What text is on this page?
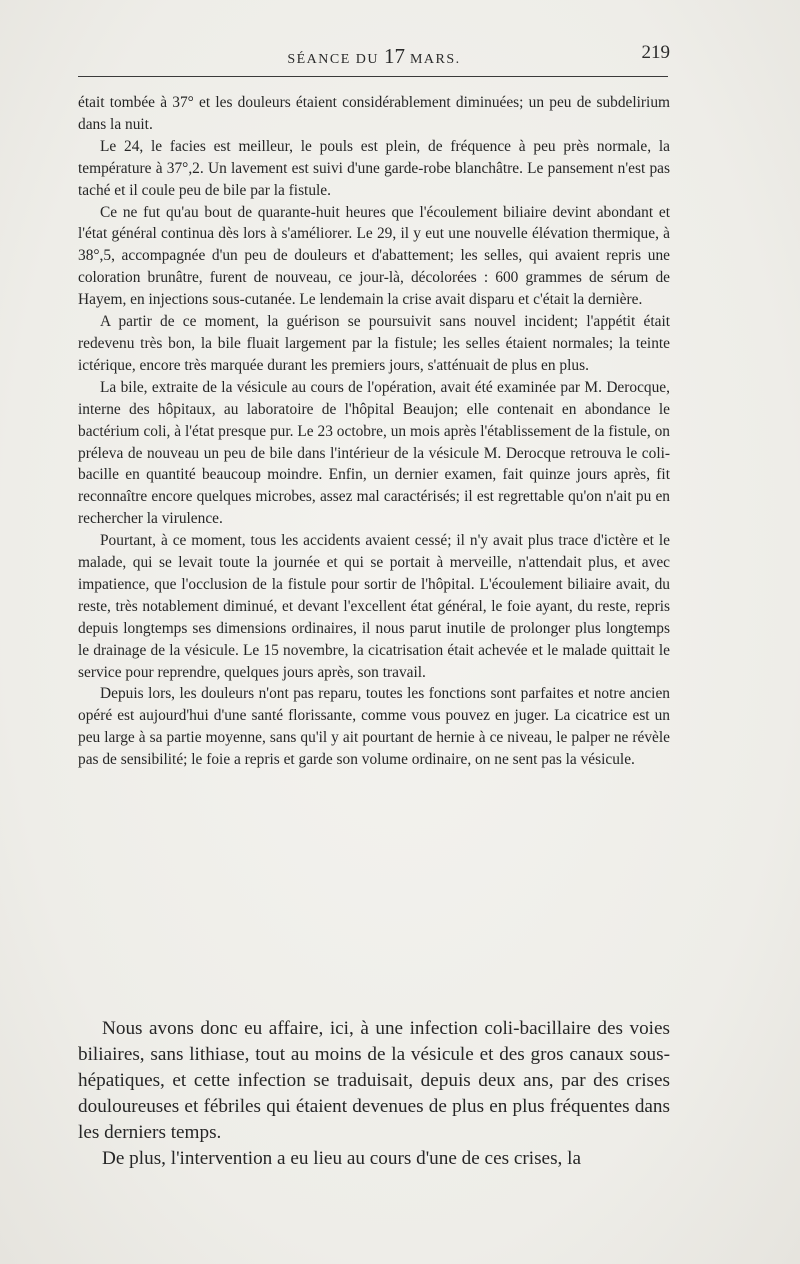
SÉANCE DU 17 MARS.	219

était tombée à 37° et les douleurs étaient considérablement diminuées; un peu de subdelirium dans la nuit.

Le 24, le facies est meilleur, le pouls est plein, de fréquence à peu près normale, la température à 37°,2. Un lavement est suivi d'une garde-robe blanchâtre. Le pansement n'est pas taché et il coule peu de bile par la fistule.

Ce ne fut qu'au bout de quarante-huit heures que l'écoulement biliaire devint abondant et l'état général continua dès lors à s'améliorer. Le 29, il y eut une nouvelle élévation thermique, à 38°,5, accompagnée d'un peu de douleurs et d'abattement; les selles, qui avaient repris une coloration brunâtre, furent de nouveau, ce jour-là, décolorées : 600 grammes de sérum de Hayem, en injections sous-cutanée. Le lendemain la crise avait disparu et c'était la dernière.

A partir de ce moment, la guérison se poursuivit sans nouvel incident; l'appétit était redevenu très bon, la bile fluait largement par la fistule; les selles étaient normales; la teinte ictérique, encore très marquée durant les premiers jours, s'atténuait de plus en plus.

La bile, extraite de la vésicule au cours de l'opération, avait été examinée par M. Derocque, interne des hôpitaux, au laboratoire de l'hôpital Beaujon; elle contenait en abondance le bactérium coli, à l'état presque pur. Le 23 octobre, un mois après l'établissement de la fistule, on préleva de nouveau un peu de bile dans l'intérieur de la vésicule M. Derocque retrouva le coli-bacille en quantité beaucoup moindre. Enfin, un dernier examen, fait quinze jours après, fit reconnaître encore quelques microbes, assez mal caractérisés; il est regrettable qu'on n'ait pu en rechercher la virulence.

Pourtant, à ce moment, tous les accidents avaient cessé; il n'y avait plus trace d'ictère et le malade, qui se levait toute la journée et qui se portait à merveille, n'attendait plus, et avec impatience, que l'occlusion de la fistule pour sortir de l'hôpital. L'écoulement biliaire avait, du reste, très notablement diminué, et devant l'excellent état général, le foie ayant, du reste, repris depuis longtemps ses dimensions ordinaires, il nous parut inutile de prolonger plus longtemps le drainage de la vésicule. Le 15 novembre, la cicatrisation était achevée et le malade quittait le service pour reprendre, quelques jours après, son travail.

Depuis lors, les douleurs n'ont pas reparu, toutes les fonctions sont parfaites et notre ancien opéré est aujourd'hui d'une santé florissante, comme vous pouvez en juger. La cicatrice est un peu large à sa partie moyenne, sans qu'il y ait pourtant de hernie à ce niveau, le palper ne révèle pas de sensibilité; le foie a repris et garde son volume ordinaire, on ne sent pas la vésicule.

Nous avons donc eu affaire, ici, à une infection coli-bacillaire des voies biliaires, sans lithiase, tout au moins de la vésicule et des gros canaux sous-hépatiques, et cette infection se traduisait, depuis deux ans, par des crises douloureuses et fébriles qui étaient devenues de plus en plus fréquentes dans les derniers temps.

De plus, l'intervention a eu lieu au cours d'une de ces crises, la
